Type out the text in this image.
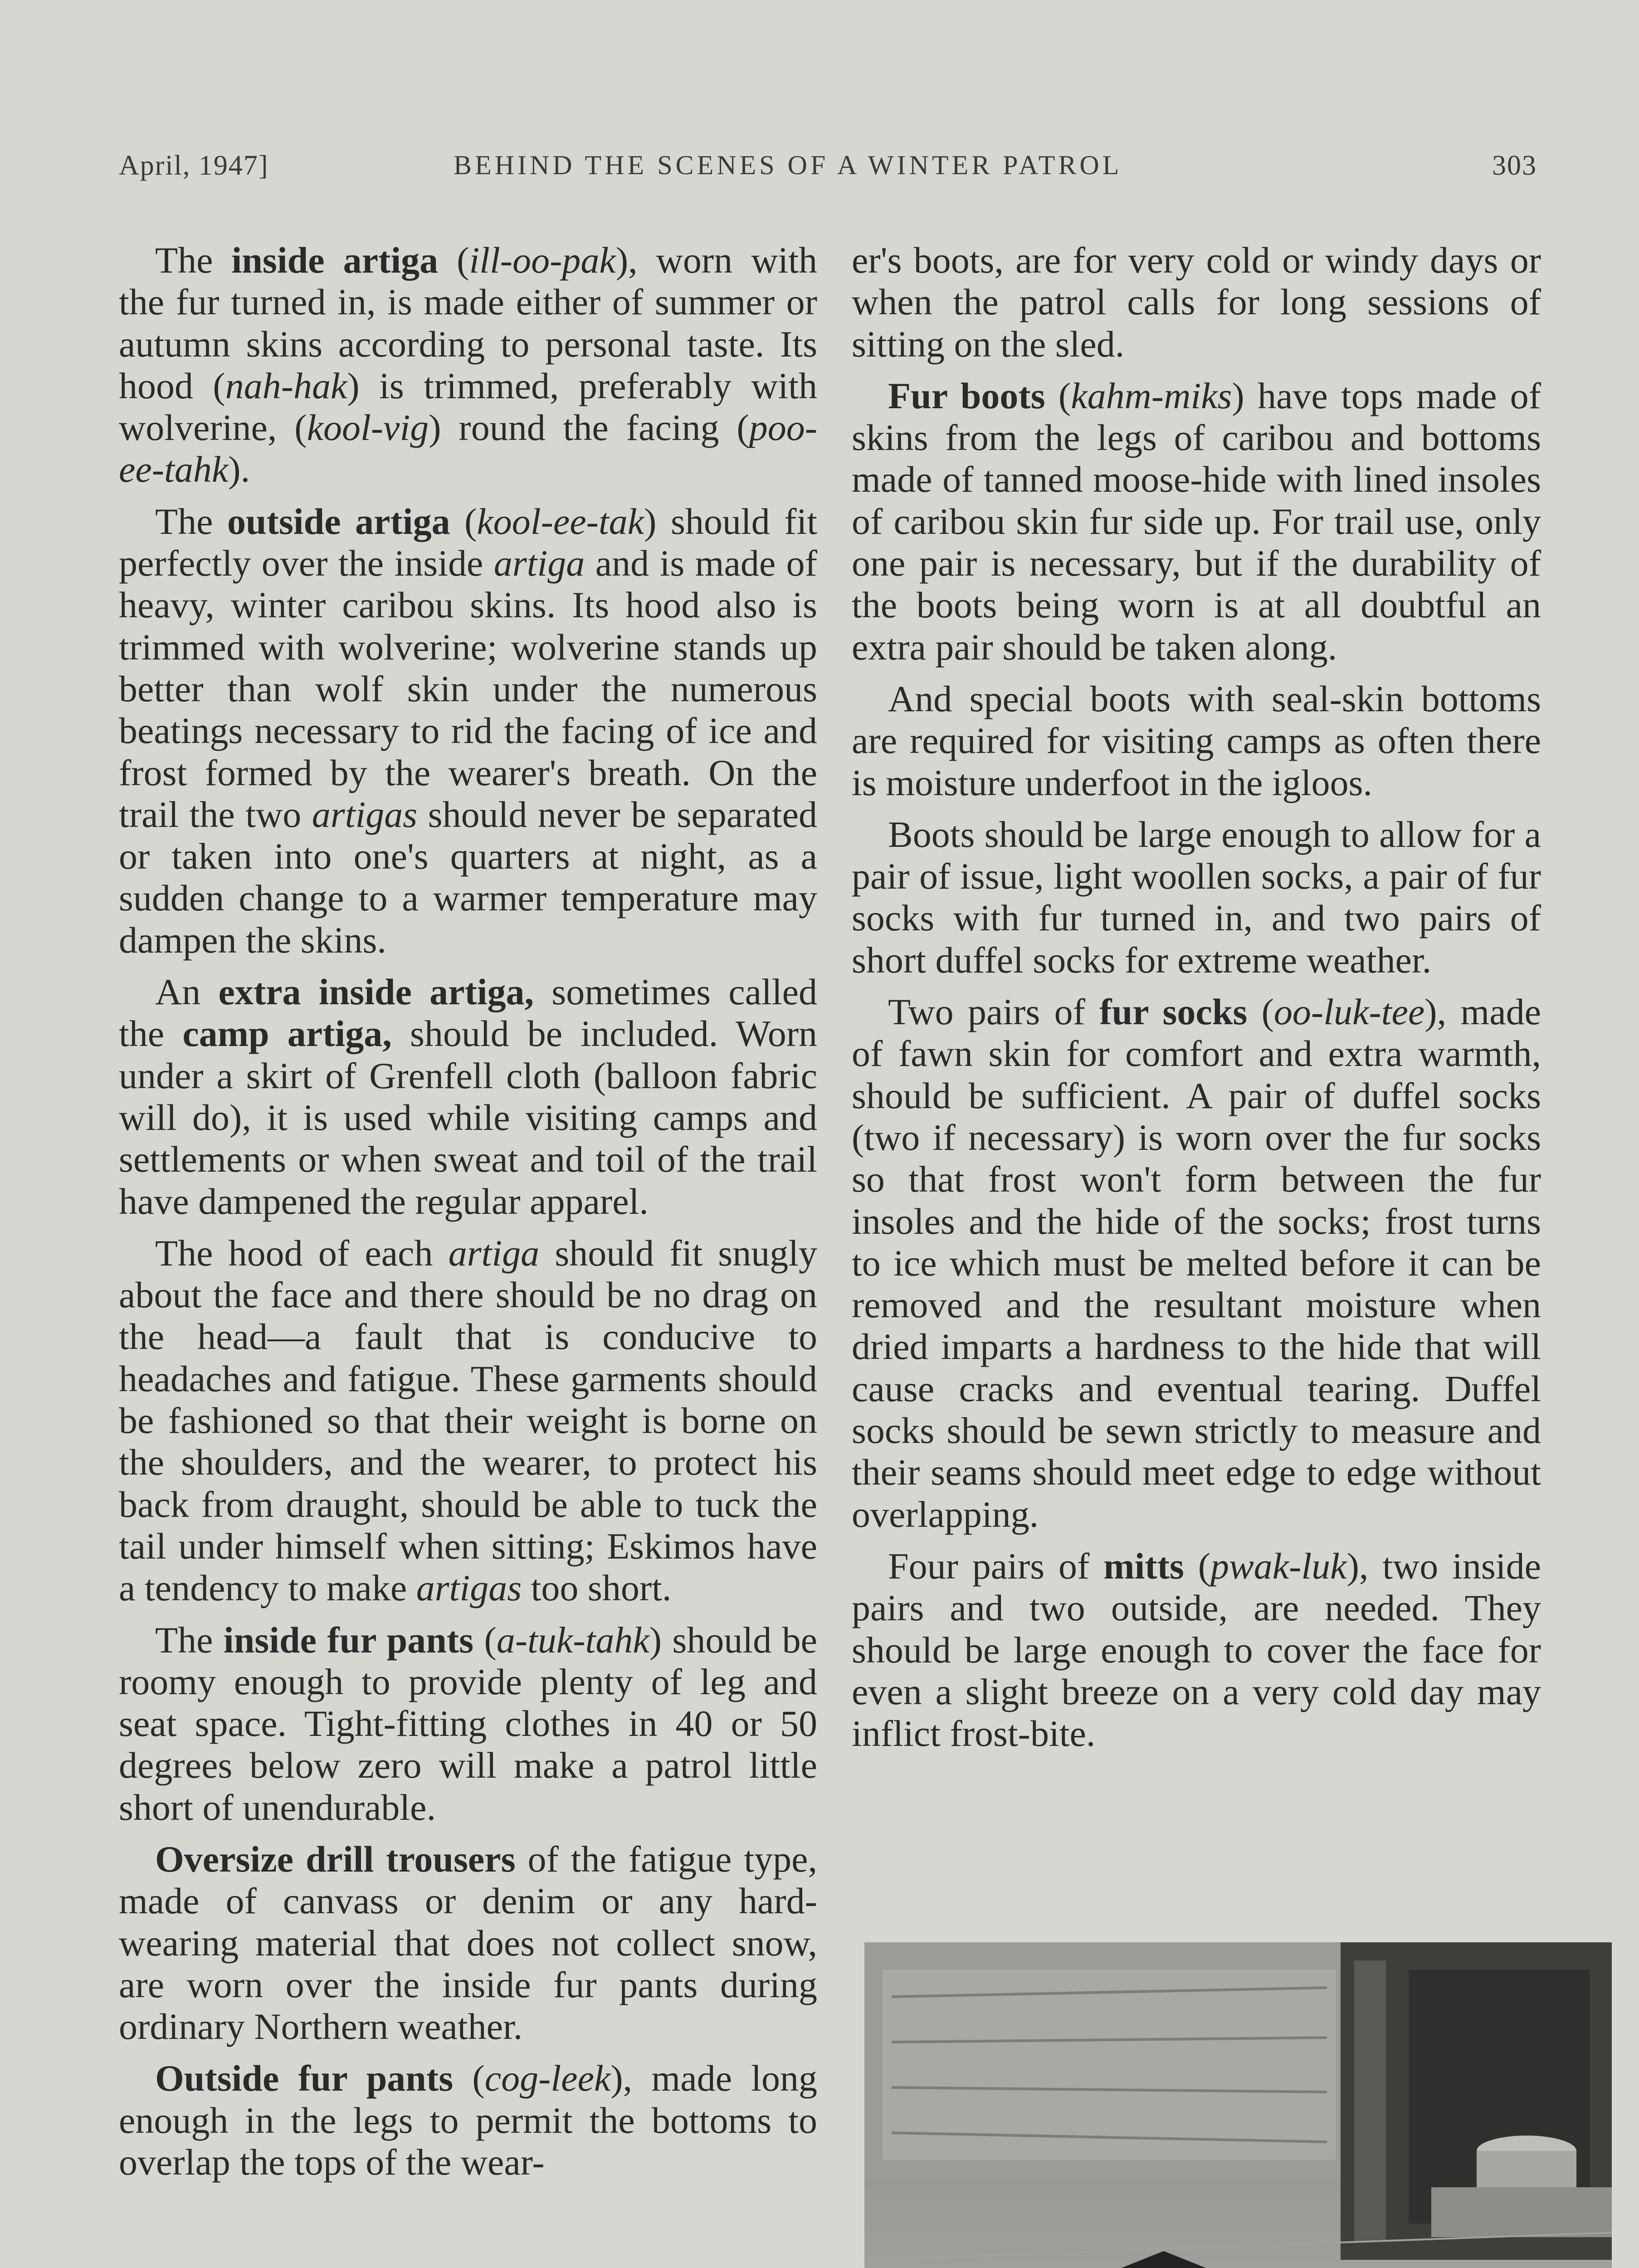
April, 1947]	BEHIND THE SCENES OF A WINTER PATROL	303

The inside artiga (ill-oo-pak), worn with the fur turned in, is made either of summer or autumn skins according to personal taste. Its hood (nah-hak) is trimmed, preferably with wolverine, (kool-vig) round the facing (poo-ee-tahk).

The outside artiga (kool-ee-tak) should fit perfectly over the inside artiga and is made of heavy, winter caribou skins. Its hood also is trimmed with wolverine; wolverine stands up better than wolf skin under the numerous beatings necessary to rid the facing of ice and frost formed by the wearer's breath. On the trail the two artigas should never be separated or taken into one's quarters at night, as a sudden change to a warmer temperature may dampen the skins.

An extra inside artiga, sometimes called the camp artiga, should be included. Worn under a skirt of Grenfell cloth (balloon fabric will do), it is used while visiting camps and settlements or when sweat and toil of the trail have dampened the regular apparel.

The hood of each artiga should fit snugly about the face and there should be no drag on the head—a fault that is conducive to headaches and fatigue. These garments should be fashioned so that their weight is borne on the shoulders, and the wearer, to protect his back from draught, should be able to tuck the tail under himself when sitting; Eskimos have a tendency to make artigas too short.

The inside fur pants (a-tuk-tahk) should be roomy enough to provide plenty of leg and seat space. Tight-fitting clothes in 40 or 50 degrees below zero will make a patrol little short of unendurable.

Oversize drill trousers of the fatigue type, made of canvass or denim or any hard-wearing material that does not collect snow, are worn over the inside fur pants during ordinary Northern weather.

Outside fur pants (cog-leek), made long enough in the legs to permit the bottoms to overlap the tops of the wear-

er's boots, are for very cold or windy days or when the patrol calls for long sessions of sitting on the sled.

Fur boots (kahm-miks) have tops made of skins from the legs of caribou and bottoms made of tanned moose-hide with lined insoles of caribou skin fur side up. For trail use, only one pair is necessary, but if the durability of the boots being worn is at all doubtful an extra pair should be taken along.

And special boots with seal-skin bottoms are required for visiting camps as often there is moisture underfoot in the igloos.

Boots should be large enough to allow for a pair of issue, light woollen socks, a pair of fur socks with fur turned in, and two pairs of short duffel socks for extreme weather.

Two pairs of fur socks (oo-luk-tee), made of fawn skin for comfort and extra warmth, should be sufficient. A pair of duffel socks (two if necessary) is worn over the fur socks so that frost won't form between the fur insoles and the hide of the socks; frost turns to ice which must be melted before it can be removed and the resultant moisture when dried imparts a hardness to the hide that will cause cracks and eventual tearing. Duffel socks should be sewn strictly to measure and their seams should meet edge to edge without overlapping.

Four pairs of mitts (pwak-luk), two inside pairs and two outside, are needed. They should be large enough to cover the face for even a slight breeze on a very cold day may inflict frost-bite.
